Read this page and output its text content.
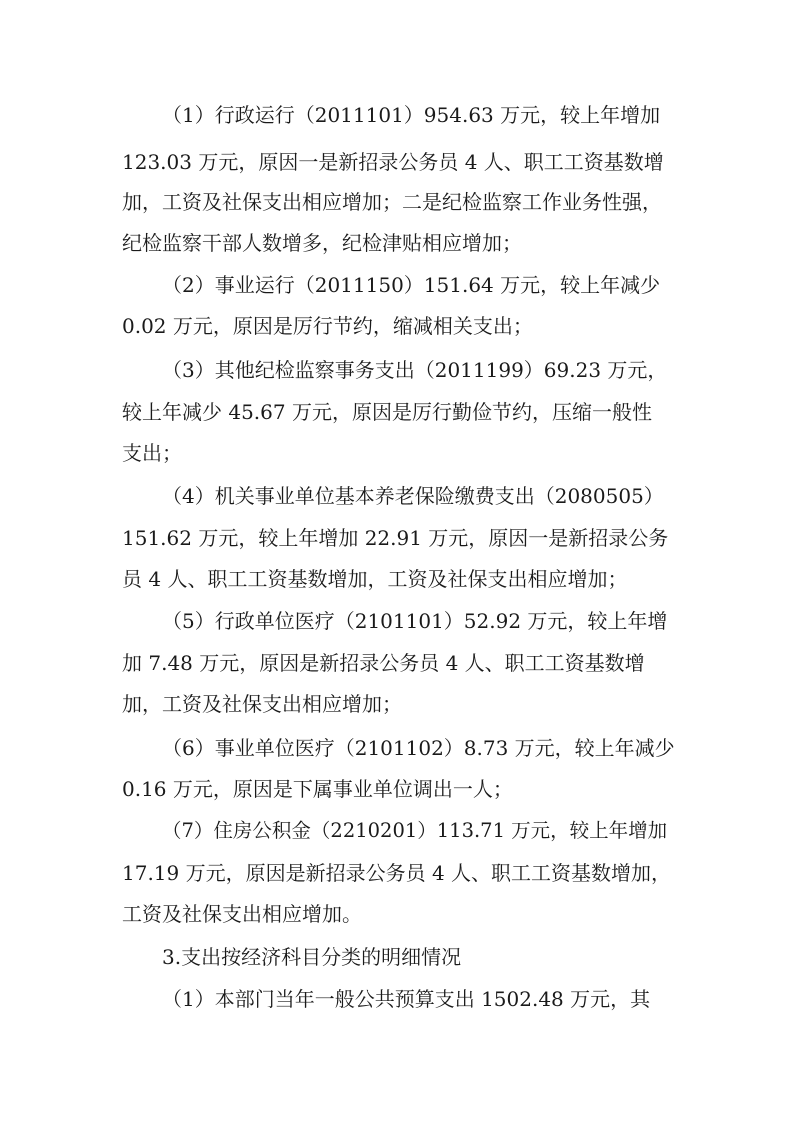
（1）行政运行（2011101）954.63 万元，较上年增加
123.03 万元，原因一是新招录公务员 4 人、职工工资基数增
加，工资及社保支出相应增加；二是纪检监察工作业务性强，
纪检监察干部人数增多，纪检津贴相应增加；
（2）事业运行（2011150）151.64 万元，较上年减少
0.02 万元，原因是厉行节约，缩减相关支出；
（3）其他纪检监察事务支出（2011199）69.23 万元，
较上年减少 45.67 万元，原因是厉行勤俭节约，压缩一般性
支出；
（4）机关事业单位基本养老保险缴费支出（2080505）
151.62 万元，较上年增加 22.91 万元，原因一是新招录公务
员 4 人、职工工资基数增加，工资及社保支出相应增加；
（5）行政单位医疗（2101101）52.92 万元，较上年增
加 7.48 万元，原因是新招录公务员 4 人、职工工资基数增
加，工资及社保支出相应增加；
（6）事业单位医疗（2101102）8.73 万元，较上年减少
0.16 万元，原因是下属事业单位调出一人；
（7）住房公积金（2210201）113.71 万元，较上年增加
17.19 万元，原因是新招录公务员 4 人、职工工资基数增加，
工资及社保支出相应增加。
3.支出按经济科目分类的明细情况
（1）本部门当年一般公共预算支出 1502.48 万元，其
